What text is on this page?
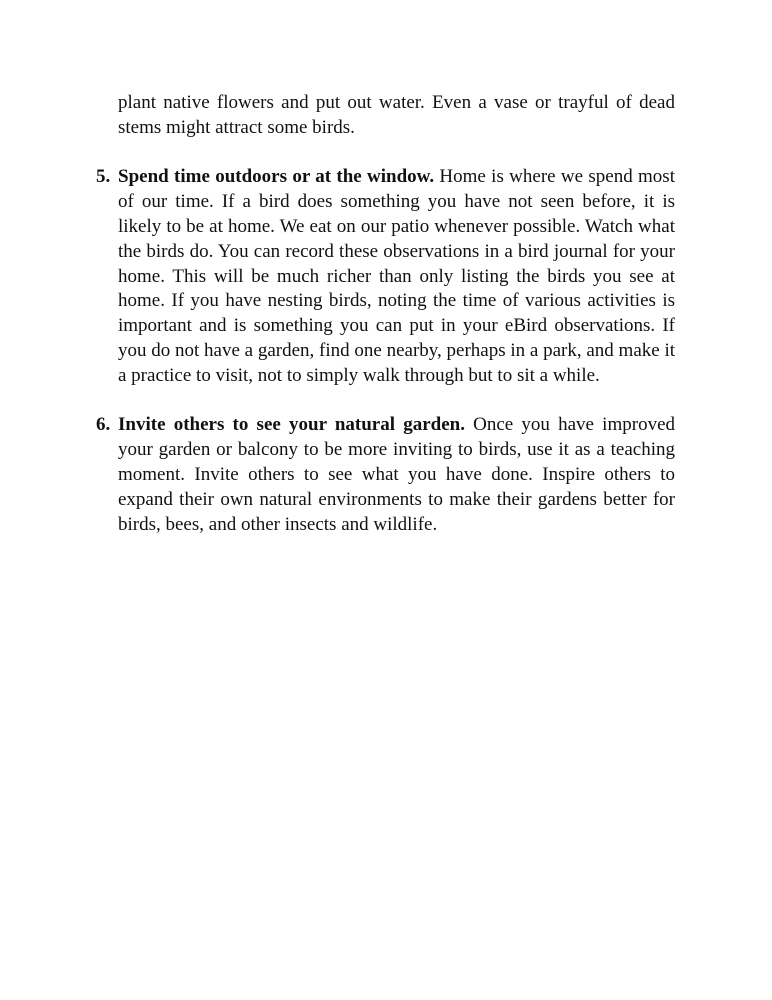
plant native flowers and put out water. Even a vase or trayful of dead stems might attract some birds.
5. Spend time outdoors or at the window. Home is where we spend most of our time. If a bird does something you have not seen before, it is likely to be at home. We eat on our patio whenever possible. Watch what the birds do. You can record these observations in a bird journal for your home. This will be much richer than only listing the birds you see at home. If you have nesting birds, noting the time of various activities is important and is something you can put in your eBird observations. If you do not have a garden, find one nearby, perhaps in a park, and make it a practice to visit, not to simply walk through but to sit a while.
6. Invite others to see your natural garden. Once you have improved your garden or balcony to be more inviting to birds, use it as a teaching moment. Invite others to see what you have done. Inspire others to expand their own natural environments to make their gardens better for birds, bees, and other insects and wildlife.
